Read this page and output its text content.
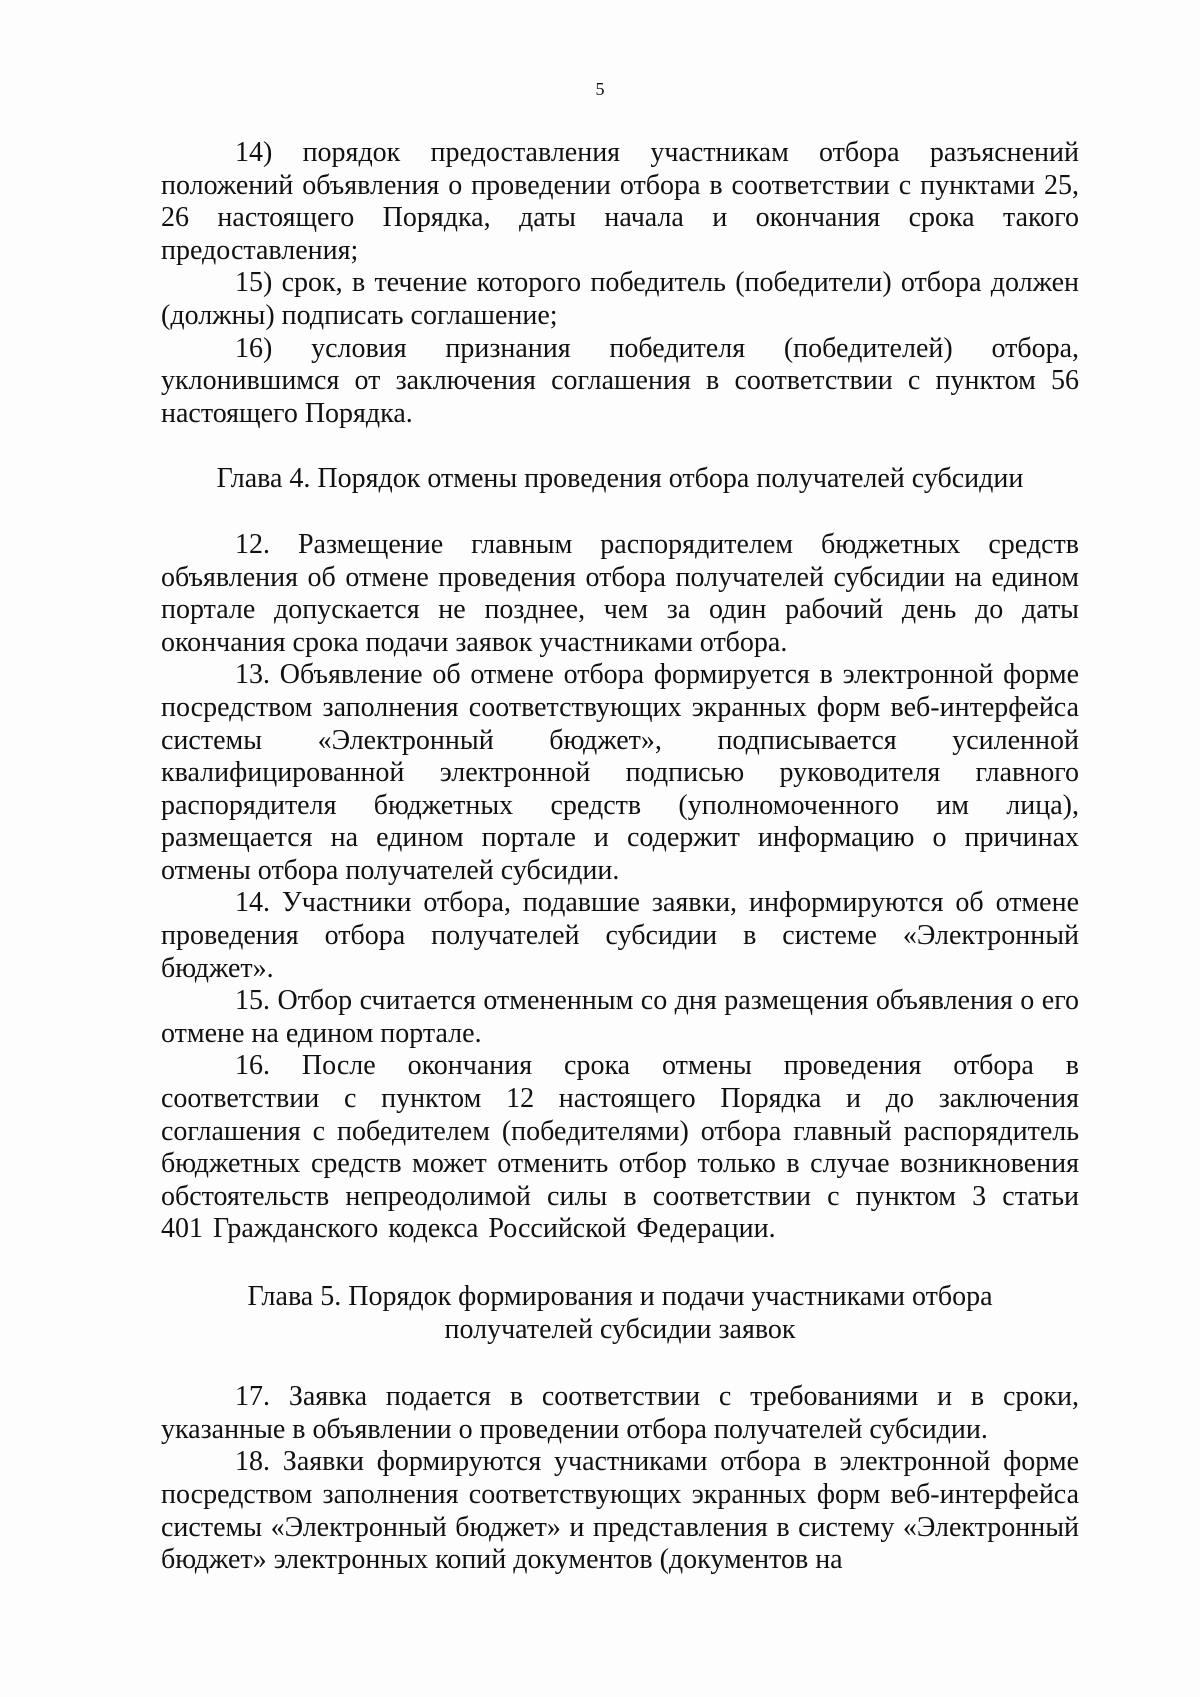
5

14) порядок предоставления участникам отбора разъяснений положений объявления о проведении отбора в соответствии с пунктами 25, 26 настоящего Порядка, даты начала и окончания срока такого предоставления;

15) срок, в течение которого победитель (победители) отбора должен (должны) подписать соглашение;

16) условия признания победителя (победителей) отбора, уклонившимся от заключения соглашения в соответствии с пунктом 56 настоящего Порядка.

Глава 4. Порядок отмены проведения отбора получателей субсидии

12. Размещение главным распорядителем бюджетных средств объявления об отмене проведения отбора получателей субсидии на едином портале допускается не позднее, чем за один рабочий день до даты окончания срока подачи заявок участниками отбора.

13. Объявление об отмене отбора формируется в электронной форме посредством заполнения соответствующих экранных форм веб-интерфейса системы «Электронный бюджет», подписывается усиленной квалифицированной электронной подписью руководителя главного распорядителя бюджетных средств (уполномоченного им лица), размещается на едином портале и содержит информацию о причинах отмены отбора получателей субсидии.

14. Участники отбора, подавшие заявки, информируются об отмене проведения отбора получателей субсидии в системе «Электронный бюджет».

15. Отбор считается отмененным со дня размещения объявления о его отмене на едином портале.

16. После окончания срока отмены проведения отбора в соответствии с пунктом 12 настоящего Порядка и до заключения соглашения с победителем (победителями) отбора главный распорядитель бюджетных средств может отменить отбор только в случае возникновения обстоятельств непреодолимой силы в соответствии с пунктом 3 статьи 401 Гражданского кодекса Российской Федерации.

Глава 5. Порядок формирования и подачи участниками отбора получателей субсидии заявок

17. Заявка подается в соответствии с требованиями и в сроки, указанные в объявлении о проведении отбора получателей субсидии.

18. Заявки формируются участниками отбора в электронной форме посредством заполнения соответствующих экранных форм веб-интерфейса системы «Электронный бюджет» и представления в систему «Электронный бюджет» электронных копий документов (документов на
